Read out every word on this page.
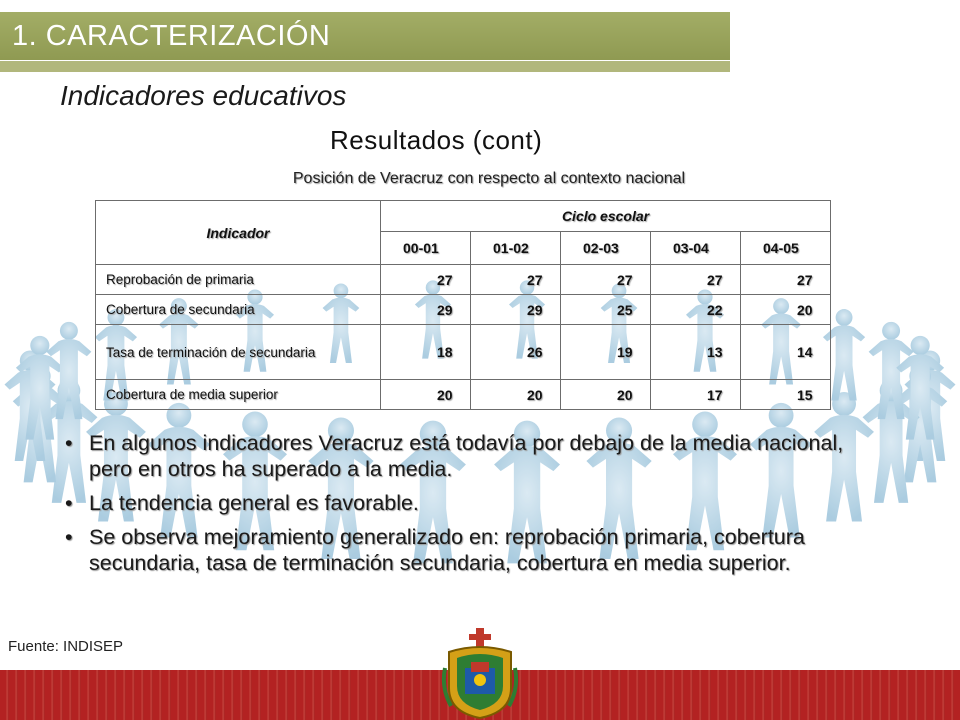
1. CARACTERIZACIÓN
Indicadores educativos
Resultados (cont)
Posición de Veracruz con respecto al contexto nacional
Indicador	Ciclo escolar				
	00-01	01-02	02-03	03-04	04-05
Reprobación de primaria	27	27	27	27	27
Cobertura de secundaria	29	29	25	22	20
Tasa de terminación de secundaria	18	26	19	13	14
Cobertura de media superior	20	20	20	17	15
• En algunos indicadores Veracruz está todavía por debajo de la media nacional, pero en otros ha superado a la media.
• La tendencia general es favorable.
• Se observa mejoramiento generalizado en: reprobación primaria, cobertura secundaria, tasa de terminación secundaria, cobertura en media superior.
Fuente: INDISEP
